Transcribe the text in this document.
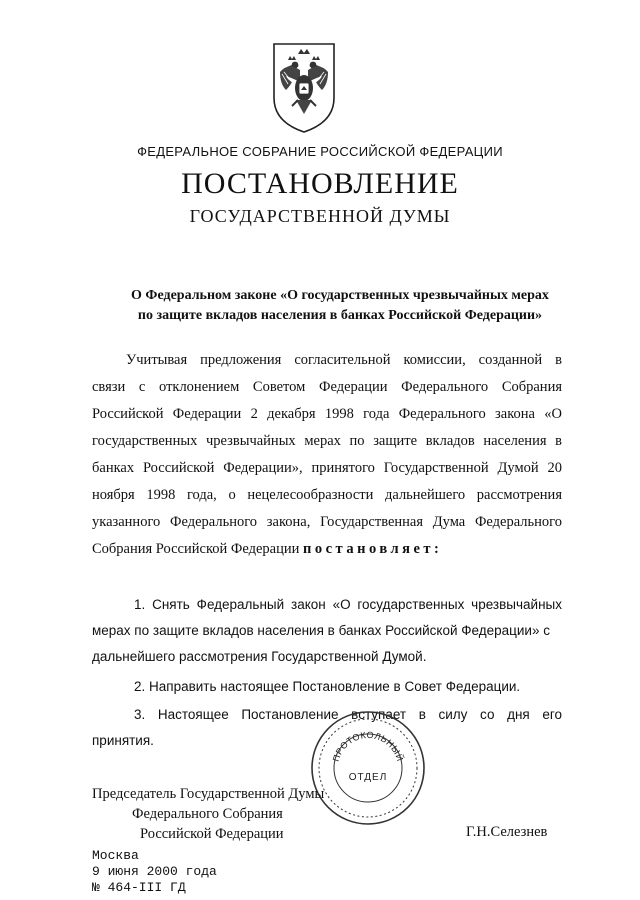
ФЕДЕРАЛЬНОЕ СОБРАНИЕ РОССИЙСКОЙ ФЕДЕРАЦИИ
ПОСТАНОВЛЕНИЕ
ГОСУДАРСТВЕННОЙ ДУМЫ
О Федеральном законе «О государственных чрезвычайных мерах
по защите вкладов населения в банках Российской Федерации»
Учитывая предложения согласительной комиссии, созданной в
связи с отклонением Советом Федерации Федерального Собрания
Российской Федерации 2 декабря 1998 года Федерального закона «О
государственных чрезвычайных мерах по защите вкладов населения в
банках Российской Федерации», принятого Государственной Думой 20
ноября 1998 года, о нецелесообразности дальнейшего рассмотрения
указанного Федерального закона, Государственная Дума Федерального
Собрания Российской Федерации постановляет:
1. Снять Федеральный закон «О государственных чрезвычайных
мерах по защите вкладов населения в банках Российской Федерации» с
дальнейшего рассмотрения Государственной Думой.
2. Направить настоящее Постановление в Совет Федерации.
3. Настоящее Постановление вступает в силу со дня его
принятия.
ПРОТОКОЛЬНЫЙ
ОТДЕЛ
Председатель Государственной Думы
Федерального Собрания
Российской Федерации	Г.Н.Селезнев
Москва
9 июня 2000 года
№ 464-III ГД
